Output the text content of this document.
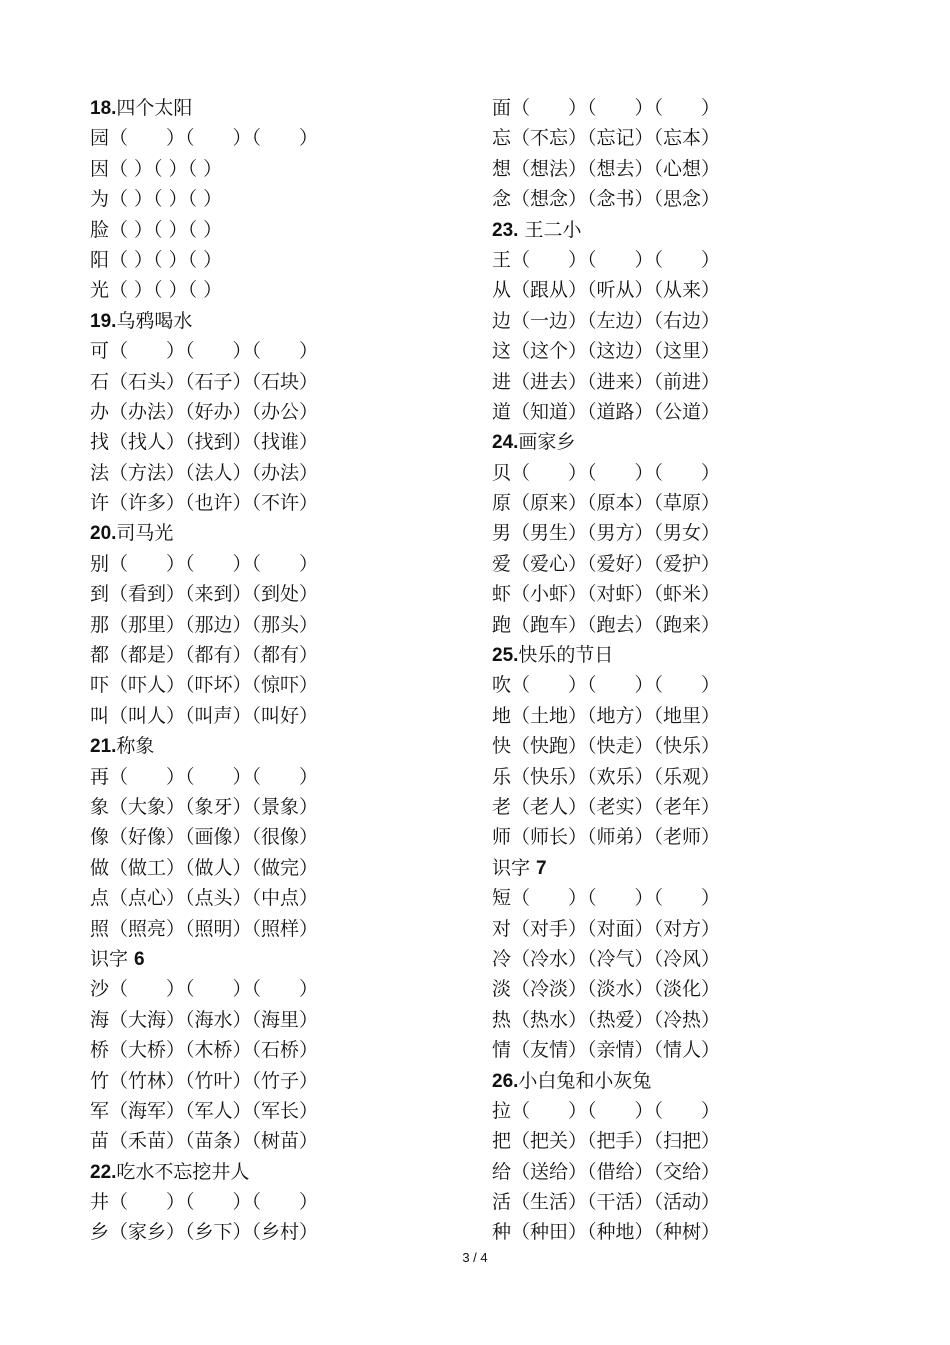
18.四个太阳
园（　　）（　　）（　　）
因（ ）（ ）（ ）
为（ ）（ ）（ ）
脸（ ）（ ）（ ）
阳（ ）（ ）（ ）
光（ ）（ ）（ ）
19.乌鸦喝水
可（　　）（　　）（　　）
石（石头）（石子）（石块）
办（办法）（好办）（办公）
找（找人）（找到）（找谁）
法（方法）（法人）（办法）
许（许多）（也许）（不许）
20.司马光
别（　　）（　　）（　　）
到（看到）（来到）（到处）
那（那里）（那边）（那头）
都（都是）（都有）（都有）
吓（吓人）（吓坏）（惊吓）
叫（叫人）（叫声）（叫好）
21.称象
再（　　）（　　）（　　）
象（大象）（象牙）（景象）
像（好像）（画像）（很像）
做（做工）（做人）（做完）
点（点心）（点头）（中点）
照（照亮）（照明）（照样）
识字 6
沙（　　）（　　）（　　）
海（大海）（海水）（海里）
桥（大桥）（木桥）（石桥）
竹（竹林）（竹叶）（竹子）
军（海军）（军人）（军长）
苗（禾苗）（苗条）（树苗）
22.吃水不忘挖井人
井（　　）（　　）（　　）
乡（家乡）（乡下）（乡村）
面（　　）（　　）（　　）
忘（不忘）（忘记）（忘本）
想（想法）（想去）（心想）
念（想念）（念书）（思念）
23. 王二小
王（　　）（　　）（　　）
从（跟从）（听从）（从来）
边（一边）（左边）（右边）
这（这个）（这边）（这里）
进（进去）（进来）（前进）
道（知道）（道路）（公道）
24.画家乡
贝（　　）（　　）（　　）
原（原来）（原本）（草原）
男（男生）（男方）（男女）
爱（爱心）（爱好）（爱护）
虾（小虾）（对虾）（虾米）
跑（跑车）（跑去）（跑来）
25.快乐的节日
吹（　　）（　　）（　　）
地（土地）（地方）（地里）
快（快跑）（快走）（快乐）
乐（快乐）（欢乐）（乐观）
老（老人）（老实）（老年）
师（师长）（师弟）（老师）
识字 7
短（　　）（　　）（　　）
对（对手）（对面）（对方）
冷（冷水）（冷气）（冷风）
淡（冷淡）（淡水）（淡化）
热（热水）（热爱）（冷热）
情（友情）（亲情）（情人）
26.小白兔和小灰兔
拉（　　）（　　）（　　）
把（把关）（把手）（扫把）
给（送给）（借给）（交给）
活（生活）（干活）（活动）
种（种田）（种地）（种树）
3 / 4
